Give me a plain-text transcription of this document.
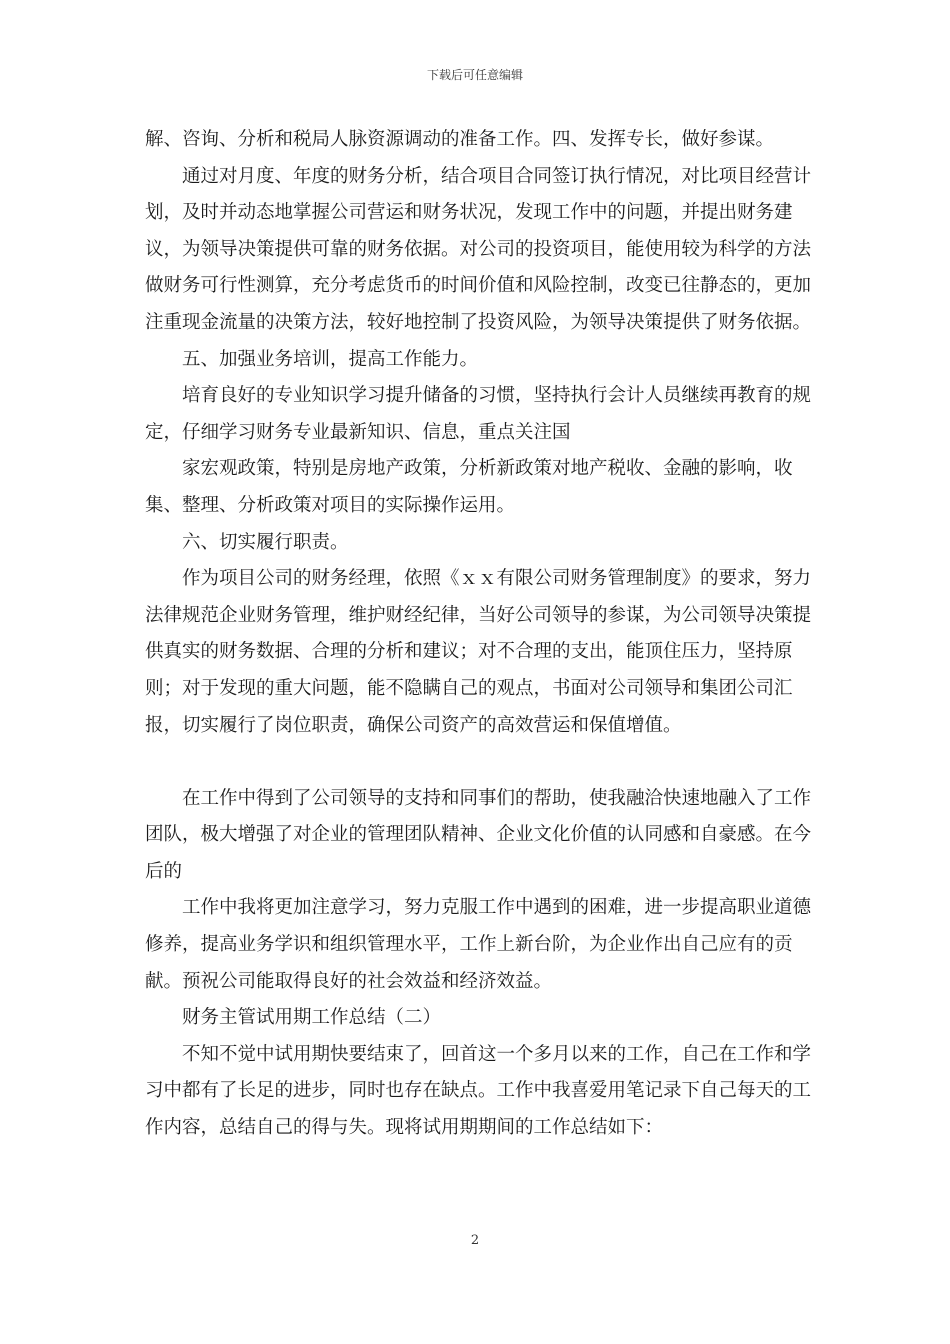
下载后可任意编辑

解、咨询、分析和税局人脉资源调动的准备工作。四、发挥专长，做好参谋。

通过对月度、年度的财务分析，结合项目合同签订执行情况，对比项目经营计划，及时并动态地掌握公司营运和财务状况，发现工作中的问题，并提出财务建议，为领导决策提供可靠的财务依据。对公司的投资项目，能使用较为科学的方法做财务可行性测算，充分考虑货币的时间价值和风险控制，改变已往静态的，更加注重现金流量的决策方法，较好地控制了投资风险，为领导决策提供了财务依据。

五、加强业务培训，提高工作能力。

培育良好的专业知识学习提升储备的习惯，坚持执行会计人员继续再教育的规定，仔细学习财务专业最新知识、信息，重点关注国

家宏观政策，特别是房地产政策，分析新政策对地产税收、金融的影响，收集、整理、分析政策对项目的实际操作运用。

六、切实履行职责。

作为项目公司的财务经理，依照《ｘｘ有限公司财务管理制度》的要求，努力法律规范企业财务管理，维护财经纪律，当好公司领导的参谋，为公司领导决策提供真实的财务数据、合理的分析和建议；对不合理的支出，能顶住压力，坚持原则；对于发现的重大问题，能不隐瞒自己的观点，书面对公司领导和集团公司汇报，切实履行了岗位职责，确保公司资产的高效营运和保值增值。

在工作中得到了公司领导的支持和同事们的帮助，使我融洽快速地融入了工作团队，极大增强了对企业的管理团队精神、企业文化价值的认同感和自豪感。在今后的

工作中我将更加注意学习，努力克服工作中遇到的困难，进一步提高职业道德修养，提高业务学识和组织管理水平，工作上新台阶，为企业作出自己应有的贡献。预祝公司能取得良好的社会效益和经济效益。

财务主管试用期工作总结（二）

不知不觉中试用期快要结束了，回首这一个多月以来的工作，自己在工作和学习中都有了长足的进步，同时也存在缺点。工作中我喜爱用笔记录下自己每天的工作内容，总结自己的得与失。现将试用期期间的工作总结如下：

2
